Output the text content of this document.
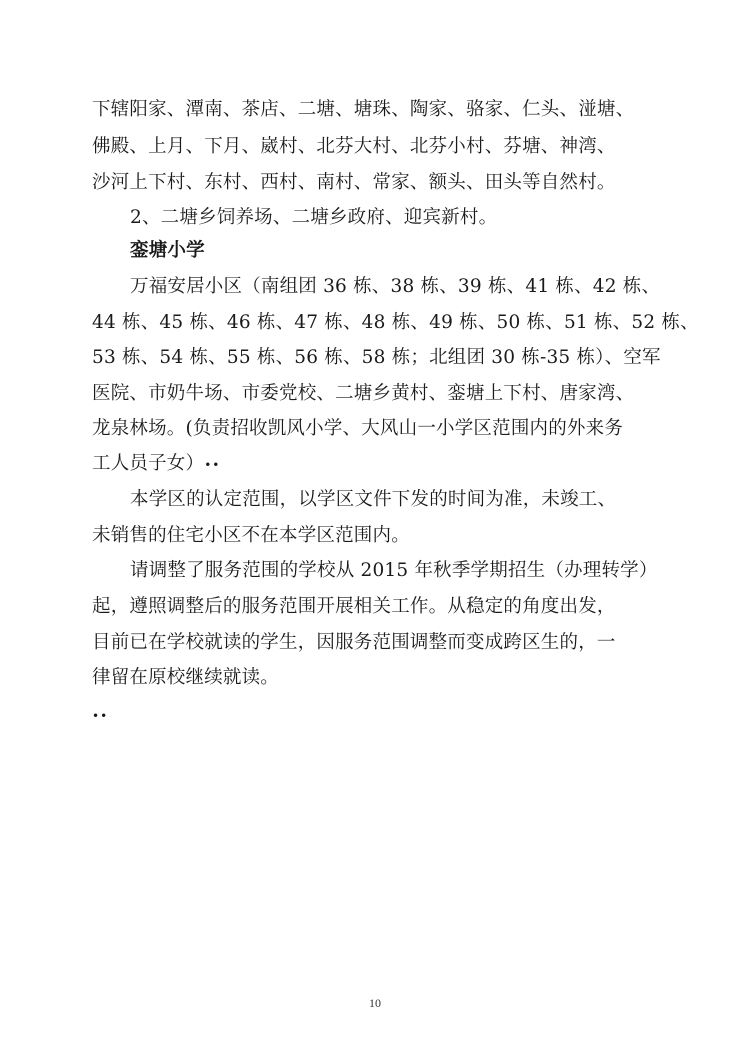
下辖阳家、潭南、茶店、二塘、塘珠、陶家、骆家、仁头、湴塘、
佛殿、上月、下月、崴村、北芬大村、北芬小村、芬塘、神湾、
沙河上下村、东村、西村、南村、常家、额头、田头等自然村。
2、二塘乡饲养场、二塘乡政府、迎宾新村。
銮塘小学
万福安居小区（南组团 36 栋、38 栋、39 栋、41 栋、42 栋、
44 栋、45 栋、46 栋、47 栋、48 栋、49 栋、50 栋、51 栋、52 栋、
53 栋、54 栋、55 栋、56 栋、58 栋；北组团 30 栋-35 栋）、空军
医院、市奶牛场、市委党校、二塘乡黄村、銮塘上下村、唐家湾、
龙泉林场。(负责招收凯风小学、大风山一小学区范围内的外来务
工人员子女）••
本学区的认定范围，以学区文件下发的时间为准，未竣工、
未销售的住宅小区不在本学区范围内。
请调整了服务范围的学校从 2015 年秋季学期招生（办理转学）
起，遵照调整后的服务范围开展相关工作。从稳定的角度出发，
目前已在学校就读的学生，因服务范围调整而变成跨区生的，一
律留在原校继续就读。
••
10
